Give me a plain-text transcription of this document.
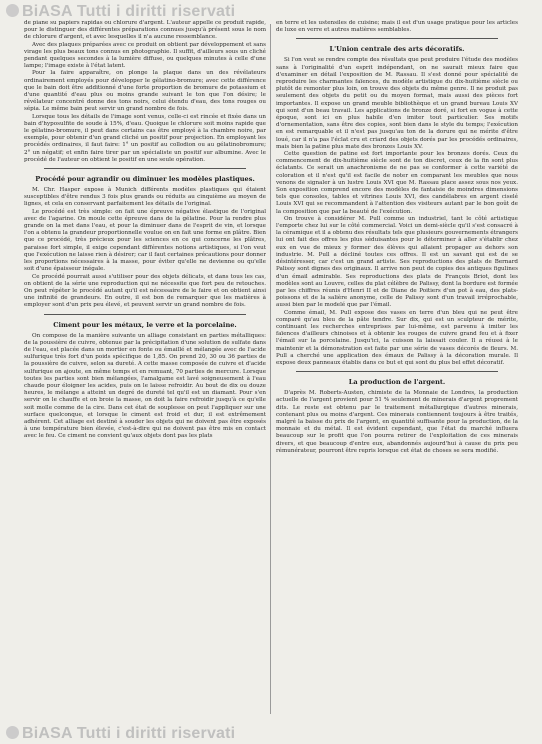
BiASA Tutti i diritti riservati

de piane su papiers rapidas ou chlorure d'argent. L'auteur appelle ce produit rapide, pour le distinguer des différentes préparations connues jusqu'à présent sous le nom de chlorure d'argent, et avec lesquelles il n'a aucune ressemblance.

Avec des plaques préparées avec ce produit on obtient par développement et sans virage les plus beaux tons connus en photographie. Il suffit, d'ailleurs sous un cliché pendant quelques secondes à la lumière diffuse, ou quelques minutes à celle d'une lampe; l'image existe à l'état latent.

Pour la faire apparaître, on plonge la plaque dans un des révélateurs ordinairement employés pour développer le gélatino-bromure; avec cette différence que le bain doit être additionné d'une forte proportion de bromure de potassium et d'une quantité d'eau plus ou moins grande suivant le ton que l'on désire; le révélateur concentré donne des tons noirs, celui étendu d'eau, des tons rouges ou sépia. Le même bain peut servir un grand nombre de fois.

Lorsque tous les détails de l'image sont venus, celle-ci est rincée et fixée dans un bain d'hyposulfite de soude à 15%, d'eau. Quoique le chlorure soit moins rapide que le gélatino-bromure, il peut dans certains cas être employé à la chambre noire, par exemple, pour obtenir d'un grand cliché un positif pour projection. En employant les procédés ordinaires, il faut faire: 1° un positif au collodion ou au gélatinobromure; 2° un négatif; et enfin faire tirer par un spécialiste un positif sur albumine. Avec le procédé de l'auteur on obtient le positif en une seule opération.

Procédé pour agrandir ou diminuer les modèles plastiques.

M. Chr. Hasper expose à Munich différents modèles plastiques qui étaient susceptibles d'être rendus 3 fois plus grands ou réduits au cinquième au moyen de lignes, et cela en conservant parfaitement les détails de l'original.

Le procédé est très simple: on fait une épreuve négative élastique de l'original avec de l'agarine. On moule cette épreuve dans de la gélatine. Pour la rendre plus grande on la met dans l'eau, et pour la diminuer dans de l'esprit de vin, et lorsque l'on a obtenu la grandeur proportionnelle voulue on en fait une forme en plâtre. Bien que ce procédé, très précieux pour les sciences en ce qui concerne les plâtres, paraisse fort simple, il exige cependant différentes notions artistiques, si l'on veut que l'exécution ne laisse rien à désirer; car il faut certaines précautions pour donner les proportions nécessaires à la masse, pour éviter qu'elle ne devienne ou qu'elle soit d'une épaisseur inégale.

Ce procédé pourrait aussi s'utiliser pour des objets délicats, et dans tous les cas, on obtient de la série une reproduction qui ne nécessite que fort peu de retouches. On peut répéter le procédé autant qu'il est nécessaire de le faire et on obtient ainsi une infinité de grandeurs. En outre, il est bon de remarquer que les matières à employer sont d'un prix peu élevé, et peuvent servir un grand nombre de fois.

Ciment pour les métaux, le verre et la porcelaine.

On compose de la manière suivante un alliage consistant en parties métalliques: de la poussière de cuivre, obtenue par la précipitation d'une solution de sulfate dans de l'eau, est placée dans un mortier en fonte ou émaillé et mélangée avec de l'acide sulfurique très fort d'un poids spécifique de 1,85. On prend 20, 30 ou 36 parties de la poussière de cuivre, selon sa dureté. A cette masse composée de cuivre et d'acide sulfurique on ajoute, en même temps et en remuant, 70 parties de mercure. Lorsque toutes les parties sont bien mélangées, l'amalgame est lavé soigneusement à l'eau chaude pour éloigner les acides, puis on le laisse refroidir. Au bout de dix ou douze heures, le mélange a atteint un degré de dureté tel qu'il est un diamant. Pour s'en servir on le chauffe et on broie la masse, on doit la faire refroidir jusqu'à ce qu'elle soit molle comme de la cire. Dans cet état de souplesse on peut l'appliquer sur une surface quelconque, et lorsque le ciment est froid et dur, il est extrêmement adhérent. Cet alliage est destiné à souder les objets qui ne doivent pas être exposés à une température bien élevée, c'est-à-dire qui ne doivent pas être mis en contact avec le feu. Ce ciment ne convient qu'aux objets dont pas les plats

en terre et les ustensiles de cuisine; mais il est d'un usage pratique pour les articles de luxe en verre et autres matières semblables.

L'Union centrale des arts décoratifs.

Si l'on veut se rendre compte des résultats que peut produire l'étude des modèles sans à l'originalité d'un esprit indépendant, on ne saurait mieux faire que d'examiner en détail l'exposition de M. Rassau. Il s'est donné pour spécialité de reproduire les charmantes faïences, du modèle artistique du dix-huitième siècle ou plutôt de remonter plus loin, on trouve des objets du même genre. Il ne produit pas seulement des objets du petit ou du moyen format, mais aussi des pièces fort importantes. Il expose un grand meuble bibliothèque et un grand bureau Louis XV qui sont d'un beau travail. Les applications de bronze doré, si fort en vogue à cette époque, sont ici en plus habile d'en imiter tout particulier. Ses motifs d'ornementation, sans être des copies, sont bien dans le style du temps; l'exécution en est remarquable et il n'est pas jusqu'au ton de la dorure qui ne mérite d'être loué, car il n'a pas l'éclat cru et criard des objets dorés par les procédés ordinaires, mais bien la patine plus mate des bronzes Louis XV.

Cette question de patine est fort importante pour les bronzes dorés. Ceux du commencement de dix-huitième siècle sont de ton discret, ceux de la fin sont plus éclatants. Ce serait un anachronisme de ne pas se conformer à cette variété de coloration et il n'est qu'il est facile de noter en comparant les meubles que nous venons de signaler à un lustre Louis XVI que M. Rassau place assez sous nos yeux. Son exposition comprend encore des modèles de fantaisie de moindres dimensions tels que consoles, tables et vitrines Louis XVI, des candélabres en argent ciselé Louis XVI qui se recommandent à l'attention des visiteurs autant par le bon goût de la composition que par la beauté de l'exécution.

On trouve à considérer M. Pull comme un industriel, tant le côté artistique l'emporte chez lui sur le côté commercial. Voici un demi-siècle qu'il s'est consacré à la céramique et il a obtenu des résultats tels que plusieurs gouvernements étrangers lui ont fait des offres les plus séduisantes pour le déterminer à aller s'établir chez eux en vue de mieux y former des élèves qui allaient propager au dehors son industrie. M. Pull a décliné toutes ces offres. Il est un savant qui est de se désintéresser, car c'est un grand artiste. Ses reproductions des plats de Bernard Palissy sont dignes des originaux. Il arrive non peut de copies des antiques figulines d'un émail admirable. Ses reproductions des plats de François Briot, dont les modèles sont au Louvre, celles du plat célèbre de Palissy, dont la bordure est formée par les chiffres réunis d'Henri II et de Diane de Poitiers d'un pot à eau, des plats-poissons et de la salière anonyme, celle de Palissy sont d'un travail irréprochable, aussi bien par le modelé que par l'émail.

Comme émail, M. Pull expose des vases en terre d'un bleu qui ne peut être comparé qu'au bleu de la pâte tendre. Sur dix, qui est un sculpteur de mérite, continuant les recherches entreprises par lui-même, est parvenu à imiter les faïences d'ailleurs chinoises et à obtenir les rouges de cuivre grand feu et à fixer l'émail sur la porcelaine. Jusqu'ici, la cuisson la laissait couler. Il a réussi à le maintenir et la démonstration est faite par une série de vases décorés de fleurs. M. Pull a cherché une application des émaux de Palissy à la décoration murale. Il expose deux panneaux établis dans ce but et qui sont du plus bel effet décoratif.

La production de l'argent.

D'après M. Roberts-Austen, chimiste de la Monnaie de Londres, la production actuelle de l'argent provient pour 51 % seulement de minerais d'argent proprement dits. Le reste est obtenu par le traitement métallurgique d'autres minerais, contenant plus ou moins d'argent. Ces minerais contiennent toujours à être traités, malgré la baisse du prix de l'argent, en quantité suffisante pour la production, de la monnaie et du métal. Il est évident cependant, que l'état du marché influera beaucoup sur le profit que l'on pourra retirer de l'exploitation de ces minerais divers, et que beaucoup d'entre eux, abandonnés aujourd'hui à cause du prix peu rémunérateur, pourront être repris lorsque cet état de choses se sera modifié.

BiASA Tutti i diritti riservati
